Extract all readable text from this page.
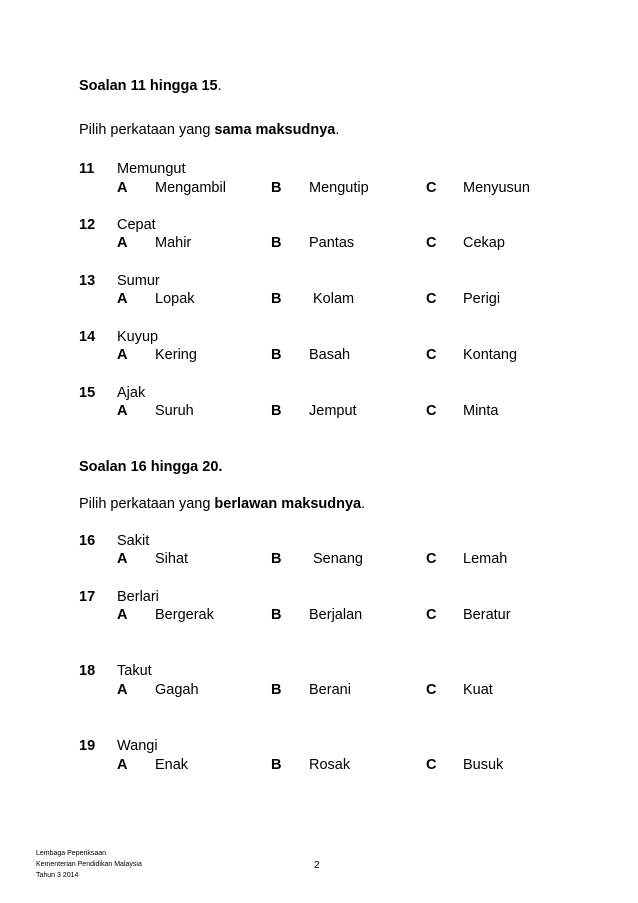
Soalan 11 hingga 15.
Pilih perkataan yang sama maksudnya.
11 Memungut
A Mengambil	B Mengutip	C Menyusun
12 Cepat
A Mahir	B Pantas	C Cekap
13 Sumur
A Lopak	B Kolam	C Perigi
14 Kuyup
A Kering	B Basah	C Kontang
15 Ajak
A Suruh	B Jemput	C Minta
Soalan 16 hingga 20.
Pilih perkataan yang berlawan maksudnya.
16 Sakit
A Sihat	B Senang	C Lemah
17 Berlari
A Bergerak	B Berjalan	C Beratur
18 Takut
A Gagah	B Berani	C Kuat
19 Wangi
A Enak	B Rosak	C Busuk
Lembaga Peperiksaan
Kementerian Pendidikan Malaysia
Tahun 3 2014
2
